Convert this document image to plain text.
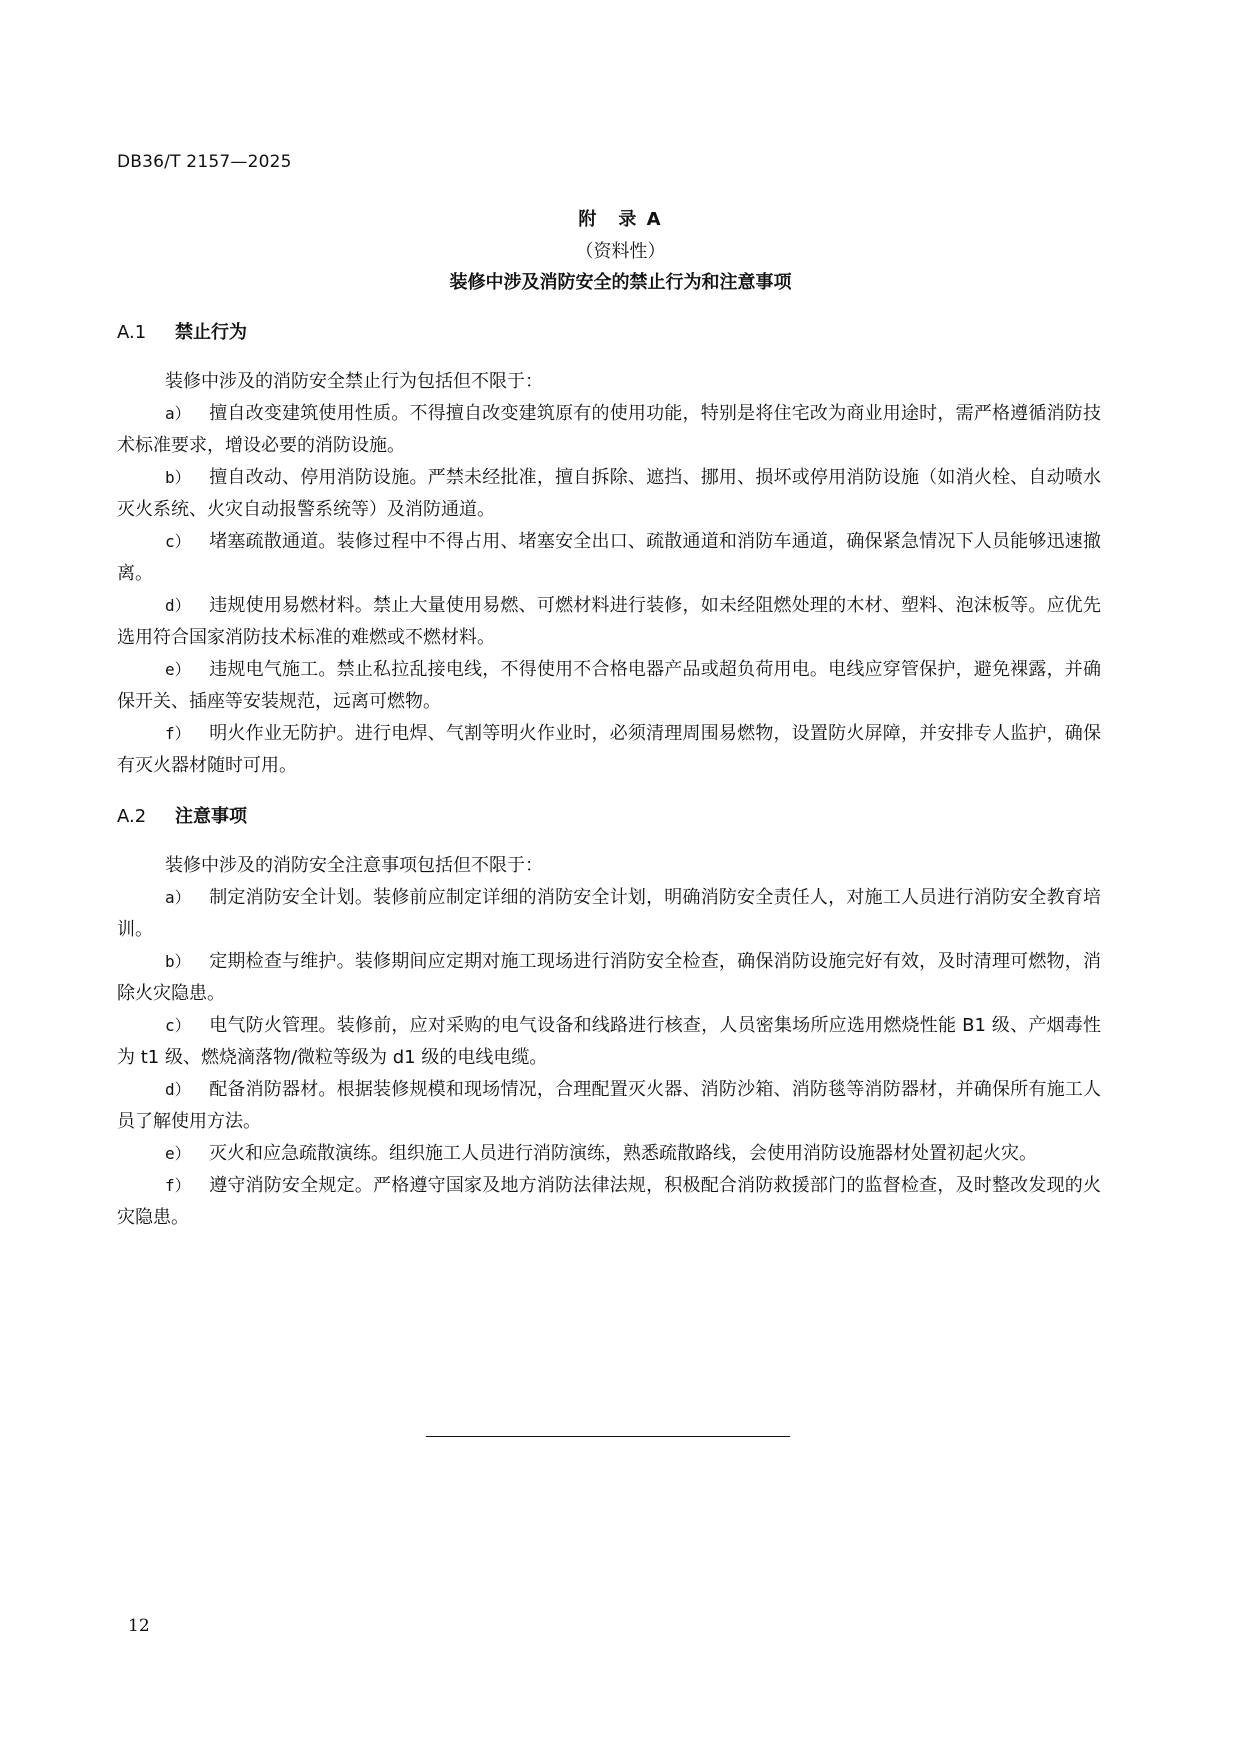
DB36/T 2157—2025
附　录 A
（资料性）
装修中涉及消防安全的禁止行为和注意事项
A.1 禁止行为

装修中涉及的消防安全禁止行为包括但不限于：

a） 擅自改变建筑使用性质。不得擅自改变建筑原有的使用功能，特别是将住宅改为商业用途时，需严格遵循消防技术标准要求，增设必要的消防设施。

b） 擅自改动、停用消防设施。严禁未经批准，擅自拆除、遮挡、挪用、损坏或停用消防设施（如消火栓、自动喷水灭火系统、火灾自动报警系统等）及消防通道。

c） 堵塞疏散通道。装修过程中不得占用、堵塞安全出口、疏散通道和消防车通道，确保紧急情况下人员能够迅速撤离。

d） 违规使用易燃材料。禁止大量使用易燃、可燃材料进行装修，如未经阻燃处理的木材、塑料、泡沫板等。应优先选用符合国家消防技术标准的难燃或不燃材料。

e） 违规电气施工。禁止私拉乱接电线，不得使用不合格电器产品或超负荷用电。电线应穿管保护，避免裸露，并确保开关、插座等安装规范，远离可燃物。

f） 明火作业无防护。进行电焊、气割等明火作业时，必须清理周围易燃物，设置防火屏障，并安排专人监护，确保有灭火器材随时可用。

A.2 注意事项

装修中涉及的消防安全注意事项包括但不限于：

a） 制定消防安全计划。装修前应制定详细的消防安全计划，明确消防安全责任人，对施工人员进行消防安全教育培训。

b） 定期检查与维护。装修期间应定期对施工现场进行消防安全检查，确保消防设施完好有效，及时清理可燃物，消除火灾隐患。

c） 电气防火管理。装修前，应对采购的电气设备和线路进行核查，人员密集场所应选用燃烧性能 B1 级、产烟毒性为 t1 级、燃烧滴落物/微粒等级为 d1 级的电线电缆。

d） 配备消防器材。根据装修规模和现场情况，合理配置灭火器、消防沙箱、消防毯等消防器材，并确保所有施工人员了解使用方法。

e） 灭火和应急疏散演练。组织施工人员进行消防演练，熟悉疏散路线，会使用消防设施器材处置初起火灾。

f） 遵守消防安全规定。严格遵守国家及地方消防法律法规，积极配合消防救援部门的监督检查，及时整改发现的火灾隐患。

12
